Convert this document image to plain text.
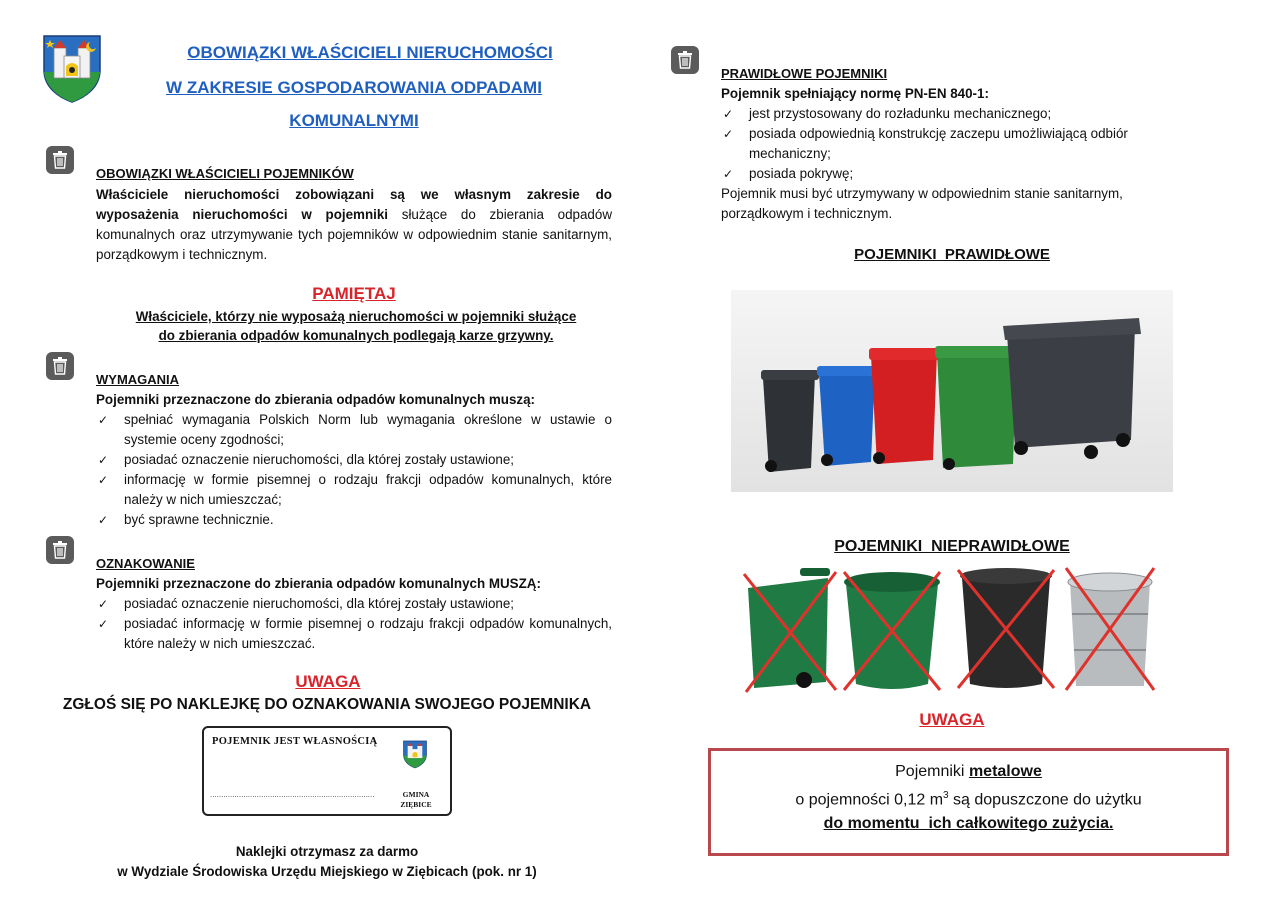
OBOWIĄZKI WŁAŚCICIELI NIERUCHOMOŚCI
W ZAKRESIE GOSPODAROWANIA ODPADAMI
KOMUNALNYMI
OBOWIĄZKI WŁAŚCICIELI POJEMNIKÓW
Właściciele nieruchomości zobowiązani są we własnym zakresie do wyposażenia nieruchomości w pojemniki służące do zbierania odpadów komunalnych oraz utrzymywanie tych pojemników w odpowiednim stanie sanitarnym, porządkowym i technicznym.
PAMIĘTAJ
Właściciele, którzy nie wyposażą nieruchomości w pojemniki służące
do zbierania odpadów komunalnych podlegają karze grzywny.
WYMAGANIA
Pojemniki przeznaczone do zbierania odpadów komunalnych muszą:
✓ spełniać wymagania Polskich Norm lub wymagania określone w ustawie o systemie oceny zgodności;
✓ posiadać oznaczenie nieruchomości, dla której zostały ustawione;
✓ informację w formie pisemnej o rodzaju frakcji odpadów komunalnych, które należy w nich umieszczać;
✓ być sprawne technicznie.
OZNAKOWANIE
Pojemniki przeznaczone do zbierania odpadów komunalnych MUSZĄ:
✓ posiadać oznaczenie nieruchomości, dla której zostały ustawione;
✓ posiadać informację w formie pisemnej o rodzaju frakcji odpadów komunalnych, które należy w nich umieszczać.
UWAGA
ZGŁOŚ SIĘ PO NAKLEJKĘ DO OZNAKOWANIA SWOJEGO POJEMNIKA
POJEMNIK JEST WŁASNOŚCIĄ
..........................................................................	GMINA
ZIĘBICE
Naklejki otrzymasz za darmo
w Wydziale Środowiska Urzędu Miejskiego w Ziębicach (pok. nr 1)
PRAWIDŁOWE POJEMNIKI
Pojemnik spełniający normę PN-EN 840-1:
✓ jest przystosowany do rozładunku mechanicznego;
✓ posiada odpowiednią konstrukcję zaczepu umożliwiającą odbiór mechaniczny;
✓ posiada pokrywę;
Pojemnik musi być utrzymywany w odpowiednim stanie sanitarnym, porządkowym i technicznym.
POJEMNIKI  PRAWIDŁOWE
POJEMNIKI  NIEPRAWIDŁOWE
UWAGA
Pojemniki metalowe
o pojemności 0,12 $m^3$ są dopuszczone do użytku
do momentu  ich całkowitego zużycia.
